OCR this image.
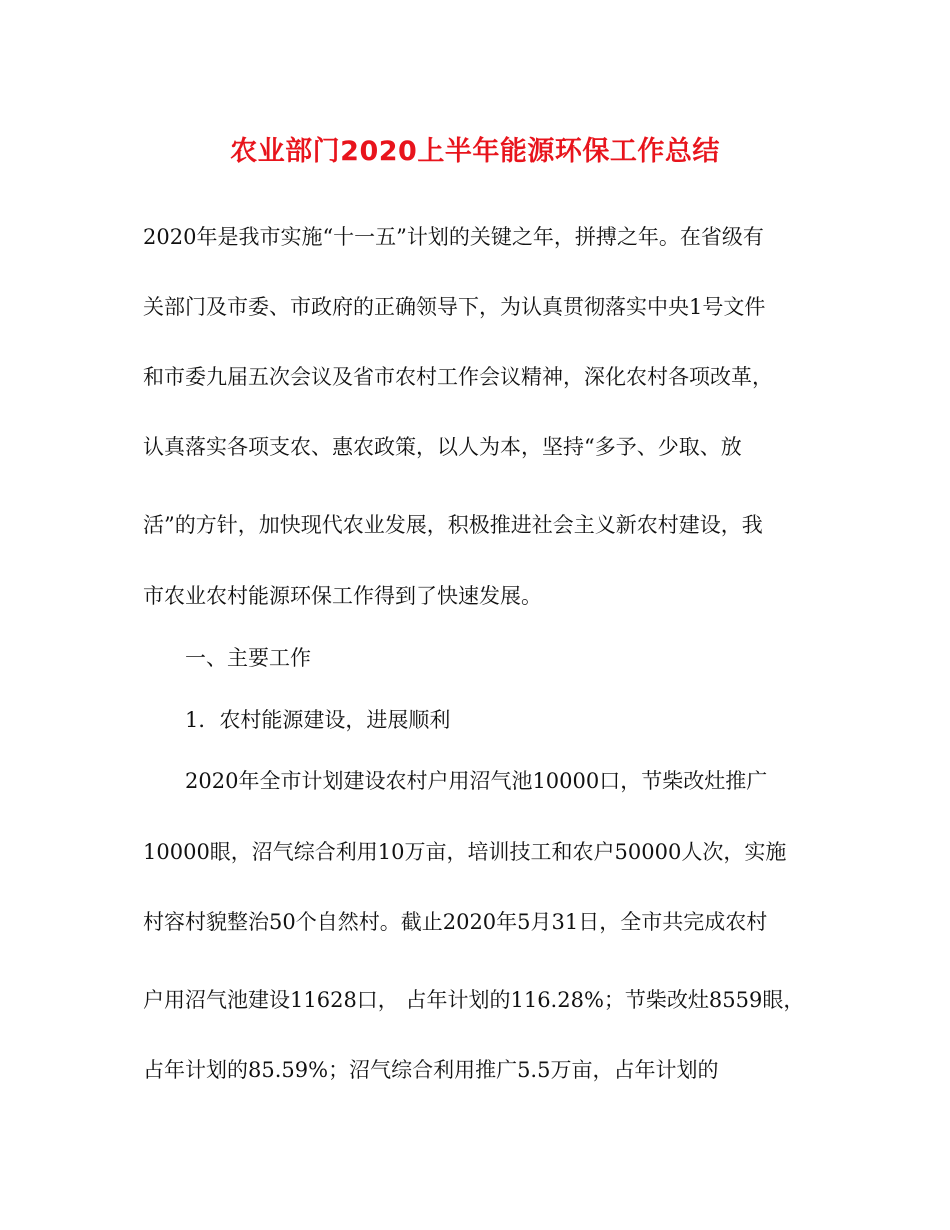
农业部门2020上半年能源环保工作总结
2020年是我市实施“十一五”计划的关键之年，拼搏之年。在省级有
关部门及市委、市政府的正确领导下，为认真贯彻落实中央1号文件
和市委九届五次会议及省市农村工作会议精神，深化农村各项改革，
认真落实各项支农、惠农政策，以人为本，坚持“多予、少取、放
活”的方针，加快现代农业发展，积极推进社会主义新农村建设，我
市农业农村能源环保工作得到了快速发展。
一、主要工作
1．农村能源建设，进展顺利
2020年全市计划建设农村户用沼气池10000口，节柴改灶推广
10000眼，沼气综合利用10万亩，培训技工和农户50000人次，实施
村容村貌整治50个自然村。截止2020年5月31日，全市共完成农村
户用沼气池建设11628口， 占年计划的116.28%；节柴改灶8559眼，
占年计划的85.59%；沼气综合利用推广5.5万亩，占年计划的
